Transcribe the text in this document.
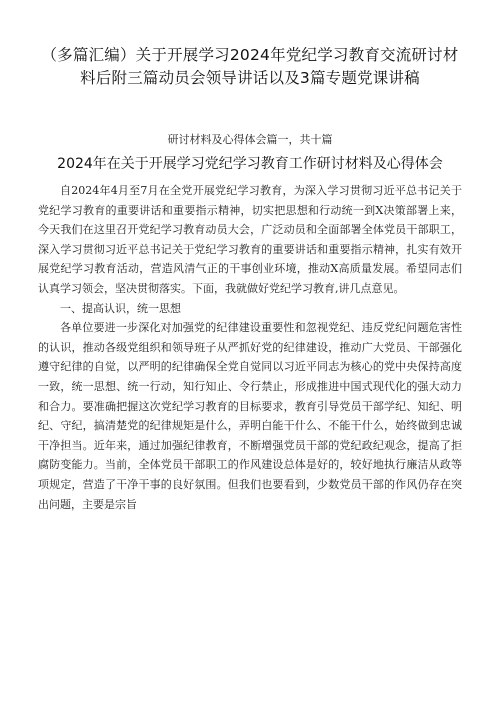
（多篇汇编）关于开展学习2024年党纪学习教育交流研讨材料后附三篇动员会领导讲话以及3篇专题党课讲稿
研讨材料及心得体会篇一，共十篇
2024年在关于开展学习党纪学习教育工作研讨材料及心得体会

自2024年4月至7月在全党开展党纪学习教育，为深入学习贯彻习近平总书记关于党纪学习教育的重要讲话和重要指示精神，切实把思想和行动统一到X决策部署上来，今天我们在这里召开党纪学习教育动员大会，广泛动员和全面部署全体党员干部职工，深入学习贯彻习近平总书记关于党纪学习教育的重要讲话和重要指示精神，扎实有效开展党纪学习教育活动，营造风清气正的干事创业环境，推动X高质量发展。希望同志们认真学习领会，坚决贯彻落实。下面，我就做好党纪学习教育,讲几点意见。

一、提高认识，统一思想

各单位要进一步深化对加强党的纪律建设重要性和忽视党纪、违反党纪问题危害性的认识，推动各级党组织和领导班子从严抓好党的纪律建设，推动广大党员、干部强化遵守纪律的自觉，以严明的纪律确保全党自觉同以习近平同志为核心的党中央保持高度一致，统一思想、统一行动，知行知止、令行禁止，形成推进中国式现代化的强大动力和合力。要准确把握这次党纪学习教育的目标要求，教育引导党员干部学纪、知纪、明纪、守纪，搞清楚党的纪律规矩是什么，弄明白能干什么、不能干什么，始终做到忠诚干净担当。近年来，通过加强纪律教育，不断增强党员干部的党纪政纪观念，提高了拒腐防变能力。当前，全体党员干部职工的作风建设总体是好的，较好地执行廉洁从政等项规定，营造了干净干事的良好氛围。但我们也要看到，少数党员干部的作风仍存在突出问题，主要是宗旨
